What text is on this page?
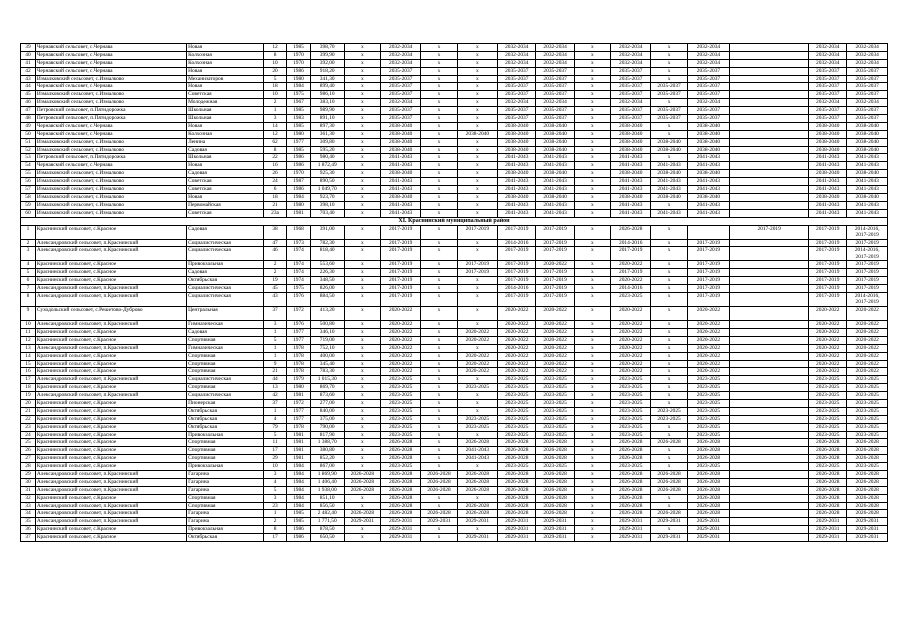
39	Чернавский сельсовет, с.Чернава	Новая	12	1985	398,70	x	2032-2034	x	x	2032-2034	2032-2034	x	2032-2034	x	2032-2034		2032-2034	2032-2034
40	Чернавский сельсовет, с.Чернава	Колхозная	8	1970	399,90	x	2032-2034	x	x	2032-2034	2032-2034	x	2032-2034	x	2032-2034		2032-2034	2032-2034
41	Чернавский сельсовет, с.Чернава	Колхозная	10	1970	392,00	x	2032-2034	x	x	2032-2034	2032-2034	x	2032-2034	x	2032-2034		2032-2034	2032-2034
42	Чернавский сельсовет, с.Чернава	Новая	20	1986	918,20	x	2035-2037	x	x	2035-2037	2035-2037	x	2035-2037	x	2035-2037		2035-2037	2035-2037
43	Измалковский сельсовет, с.Измалково	Механизаторов	5	1980	341,30	x	2035-2037	x	x	2035-2037	2035-2037	x	2035-2037	x	2035-2037		2035-2037	2035-2037
44	Чернавский сельсовет, с.Чернава	Новая	18	1984	899,40	x	2035-2037	x	x	2035-2037	2035-2037	x	2035-2037	2035-2037	2035-2037		2035-2037	2035-2037
45	Измалковский сельсовет, с.Измалково	Советская	10	1975	986,10	x	2035-2037	x	x	2035-2037	2035-2037	x	2035-2037	2035-2037	2035-2037		2035-2037	2035-2037
46	Измалковский сельсовет, с.Измалково	Молодежная	2	1967	383,10	x	2032-2034	x	x	2032-2034	2032-2034	x	2032-2034	x	2032-2034		2032-2034	2032-2034
47	Петровский сельсовет, п.Пятидорожка	Школьная	1	1985	989,90	x	2035-2037	x	x	2035-2037	2035-2037	x	2035-2037	2035-2037	2035-2037		2035-2037	2035-2037
48	Петровский сельсовет, п.Пятидорожка	Школьная	3	1983	891,10	x	2035-2037	x	x	2035-2037	2035-2037	x	2035-2037	2035-2037	2035-2037		2035-2037	2035-2037
49	Чернавский сельсовет, с.Чернава	Новая	14	1985	897,30	x	2038-2040	x	x	2038-2040	2038-2040	x	2038-2040	x	2038-2040		2038-2040	2038-2040
50	Чернавский сельсовет, с.Чернава	Колхозная	12	1980	361,30	x	2038-2040	x	2038-2040	2038-2040	2038-2040	x	2038-2040	x	2038-2040		2038-2040	2038-2040
51	Измалковский сельсовет, с.Измалково	Ленина	62	1977	309,80	x	2038-2040	x	x	2038-2040	2038-2040	x	2038-2040	2038-2040	2038-2040		2038-2040	2038-2040
52	Измалковский сельсовет, с.Измалково	Садовая	8	1985	595,20	x	2038-2040	x	x	2038-2040	2038-2040	x	2038-2040	2038-2040	2038-2040		2038-2040	2038-2040
53	Петровский сельсовет, п.Пятидорожка	Школьная	22	1986	980,40	x	2041-2043	x	x	2041-2043	2041-2043	x	2041-2043	x	2041-2043		2041-2043	2041-2043
54	Чернавский сельсовет, с.Чернава	Новая	16	1986	1 872,49	x	2041-2043	x	x	2041-2043	2041-2043	x	2041-2043	2041-2043	2041-2043		2041-2043	2041-2043
55	Измалковский сельсовет, с.Измалково	Садовая	26	1970	925,30	x	2038-2040	x	x	2038-2040	2038-2040	x	2038-2040	2038-2040	2038-2040		2038-2040	2038-2040
56	Измалковский сельсовет, с.Измалково	Советская	24	1987	890,50	x	2041-2043	x	x	2041-2043	2041-2043	x	2041-2043	2041-2043	2041-2043		2041-2043	2041-2043
57	Измалковский сельсовет, с.Измалково	Советская	6	1986	1 049,70	x	2041-2043	x	x	2041-2043	2041-2043	x	2041-2043	2041-2043	2041-2043		2041-2043	2041-2043
58	Измалковский сельсовет, с.Измалково	Новая	18	1984	923,70	x	2038-2040	x	x	2038-2040	2038-2040	x	2038-2040	2038-2040	2038-2040		2038-2040	2038-2040
59	Измалковский сельсовет, с.Измалково	Первомайская	21	1980	398,10	x	2041-2043	x	x	2041-2043	2041-2043	x	2041-2043	x	2041-2043		2041-2043	2041-2043
60	Измалковский сельсовет, с.Измалково	Советская	23а	1981	703,40	x	2041-2043	x	x	2041-2043	2041-2043	x	2041-2043	2041-2043	2041-2043		2041-2043	2041-2043
XI. Краснинский муниципальный район																		
1	Краснинский сельсовет, с.Красное	Садовая	38	1968	391,00	x	2017-2019	x	2017-2019	2017-2019	2017-2019	x	2026-2028	x		2017-2019	2017-2019	2014-2016, 2017-2019
2	Александровский сельсовет, п.Краснинский	Социалистическая	47	1973	782,30	x	2017-2019	x	x	2014-2016	2017-2019	x	2014-2016	x	2017-2019		2017-2019	2017-2019
3	Александровский сельсовет, п.Краснинский	Социалистическая	46	1974	818,40	x	2017-2019	x	x	2017-2019	2017-2019	x	2017-2019	x	2017-2019		2017-2019	2014-2016, 2017-2019
4	Краснинский сельсовет, с.Красное	Привокзальная	2	1974	553,60	x	2017-2019	x	2017-2019	2017-2019	2020-2022	x	2020-2022	x	2017-2019		2017-2019	2017-2019
5	Краснинский сельсовет, с.Красное	Садовая	2	1974	226,30	x	2017-2019	x	2017-2019	2017-2019	2017-2019	x	2017-2019	x	2017-2019		2017-2019	2017-2019
6	Краснинский сельсовет, с.Красное	Октябрьская	19	1974	348,50	x	2017-2019	x	x	2017-2019	2017-2019	x	2020-2022	x	2017-2019		2017-2019	2017-2019
7	Александровский сельсовет, п.Краснинский	Социалистическая	45	1975	826,00	x	2017-2019	x	x	2014-2016	2017-2019	x	2014-2016	x	2017-2019		2017-2019	2017-2019
8	Александровский сельсовет, п.Краснинский	Социалистическая	43	1976	884,50	x	2017-2019	x	x	2017-2019	2017-2019	x	2023-2025	x	2017-2019		2017-2019	2014-2016, 2017-2019
9	Суходольский сельсовет, с.Решетово-Дуброво	Центральная	37	1972	413,20	x	2020-2022	x	x	2020-2022	2020-2022	x	2020-2022	x	2020-2022		2020-2022	2020-2022
10	Александровский сельсовет, п.Краснинский	Гимназическая	3	1976	500,80	x	2020-2022	x	x	2020-2022	2020-2022	x	2020-2022	x	2020-2022		2020-2022	2020-2022
11	Краснинский сельсовет, с.Красное	Садовая	1	1977	346,10	x	2020-2022	x	2020-2022	2020-2022	2020-2022	x	2020-2022	x	2020-2022		2020-2022	2020-2022
12	Краснинский сельсовет, с.Красное	Спортивная	5	1977	719,00	x	2020-2022	x	2020-2022	2020-2022	2020-2022	x	2020-2022	x	2020-2022		2020-2022	2020-2022
13	Александровский сельсовет, п.Краснинский	Гимназическая	1	1978	752,10	x	2020-2022	x	x	2020-2022	2020-2022	x	2020-2022	x	2020-2022		2020-2022	2020-2022
14	Краснинский сельсовет, с.Красное	Спортивная	1	1978	400,00	x	2020-2022	x	2020-2022	2020-2022	2020-2022	x	2020-2022	x	2020-2022		2020-2022	2020-2022
15	Краснинский сельсовет, с.Красное	Спортивная	9	1978	345,40	x	2020-2022	x	2020-2022	2020-2022	2020-2022	x	2020-2022	x	2020-2022		2020-2022	2020-2022
16	Краснинский сельсовет, с.Красное	Спортивная	21	1978	783,30	x	2020-2022	x	2020-2022	2020-2022	2020-2022	x	2020-2022	x	2020-2022		2020-2022	2020-2022
17	Александровский сельсовет, п.Краснинский	Социалистическая	44	1979	1 015,30	x	2023-2025	x	x	2023-2025	2023-2025	x	2023-2025	x	2023-2025		2023-2025	2023-2025
18	Краснинский сельсовет, с.Красное	Спортивная	13	1980	869,70	x	2023-2025	x	2023-2025	2023-2025	2023-2025	x	2023-2025	x	2023-2025		2023-2025	2023-2025
19	Александровский сельсовет, п.Краснинский	Социалистическая	42	1981	873,60	x	2023-2025	x	x	2023-2025	2023-2025	x	2023-2025	x	2023-2025		2023-2025	2023-2025
20	Краснинский сельсовет, с.Красное	Пионерская	37	1972	277,00	x	2023-2025	x	x	2023-2025	2023-2025	x	2023-2025	x	2023-2025		2023-2025	2023-2025
21	Краснинский сельсовет, с.Красное	Октябрьская	1	1977	840,00	x	2023-2025	x	x	2023-2025	2023-2025	x	2023-2025	2023-2025	2023-2025		2023-2025	2023-2025
22	Краснинский сельсовет, с.Красное	Октябрьская	4	1977	375,00	x	2023-2025	x	2023-2025	2023-2025	2023-2025	x	2023-2025	2023-2025	2023-2025		2023-2025	2023-2025
23	Краснинский сельсовет, с.Красное	Октябрьская	79	1978	790,00	x	2023-2025	x	2023-2025	2023-2025	2023-2025	x	2023-2025	x	2023-2025		2023-2025	2023-2025
24	Краснинский сельсовет, с.Красное	Привокзальная	5	1981	817,90	x	2023-2025	x	x	2023-2025	2023-2025	x	2023-2025	x	2023-2025		2023-2025	2023-2025
25	Краснинский сельсовет, с.Красное	Спортивная	11	1981	1 388,70	x	2026-2028	x	2026-2028	2026-2028	2026-2028	x	2026-2028	2026-2028	2026-2028		2026-2028	2026-2028
26	Краснинский сельсовет, с.Красное	Спортивная	17	1981	380,80	x	2026-2028	x	2041-2043	2026-2028	2026-2028	x	2026-2028	x	2026-2028		2026-2028	2026-2028
27	Краснинский сельсовет, с.Красное	Спортивная	29	1981	852,20	x	2026-2028	x	2041-2043	2026-2028	2026-2028	x	2026-2028	x	2026-2028		2026-2028	2026-2028
28	Краснинский сельсовет, с.Красное	Привокзальная	10	1984	867,00	x	2023-2025	x	x	2023-2025	2023-2025	x	2023-2025	x	2023-2025		2023-2025	2023-2025
29	Александровский сельсовет, п.Краснинский	Гагарина	3	1984	1 869,90	2026-2028	2026-2028	2026-2028	2026-2028	2026-2028	2026-2028	x	2026-2028	2026-2028	2026-2028		2026-2028	2026-2028
30	Александровский сельсовет, п.Краснинский	Гагарина	4	1984	1 406,40	2026-2028	2026-2028	2026-2028	2026-2028	2026-2028	2026-2028	x	2026-2028	2026-2028	2026-2028		2026-2028	2026-2028
31	Александровский сельсовет, п.Краснинский	Гагарина	5	1984	1 938,00	2026-2028	2026-2028	2026-2028	2026-2028	2026-2028	2026-2028	x	2026-2028	2026-2028	2026-2028		2026-2028	2026-2028
32	Краснинский сельсовет, с.Красное	Спортивная	3	1984	851,10	x	2026-2028	x	x	2026-2028	2026-2028	x	2026-2028	x	2026-2028		2026-2028	2026-2028
33	Александровский сельсовет, п.Краснинский	Спортивная	23	1984	856,50	x	2026-2028	x	2026-2028	2026-2028	2026-2028	x	2026-2028	x	2026-2028		2026-2028	2026-2028
34	Александровский сельсовет, п.Краснинский	Гагарина	1	1985	2 482,40	2026-2028	2026-2028	2026-2028	2026-2028	2026-2028	2026-2028	x	2026-2028	2026-2028	2026-2028		2026-2028	2026-2028
35	Александровский сельсовет, п.Краснинский	Гагарина	2	1985	1 771,50	2029-2031	2029-2031	2029-2031	2029-2031	2029-2031	2029-2031	x	2029-2031	2029-2031	2029-2031		2029-2031	2029-2031
36	Краснинский сельсовет, с.Красное	Привокзальная	8	1986	878,50	x	2029-2031	x	x	2029-2031	2029-2031	x	2029-2031	x	2029-2031		2029-2031	2029-2031
37	Краснинский сельсовет, с.Красное	Октябрьская	17	1986	650,50	x	2029-2031	x	2029-2031	2029-2031	2029-2031	x	2029-2031	2029-2031	2029-2031		2029-2031	2029-2031
